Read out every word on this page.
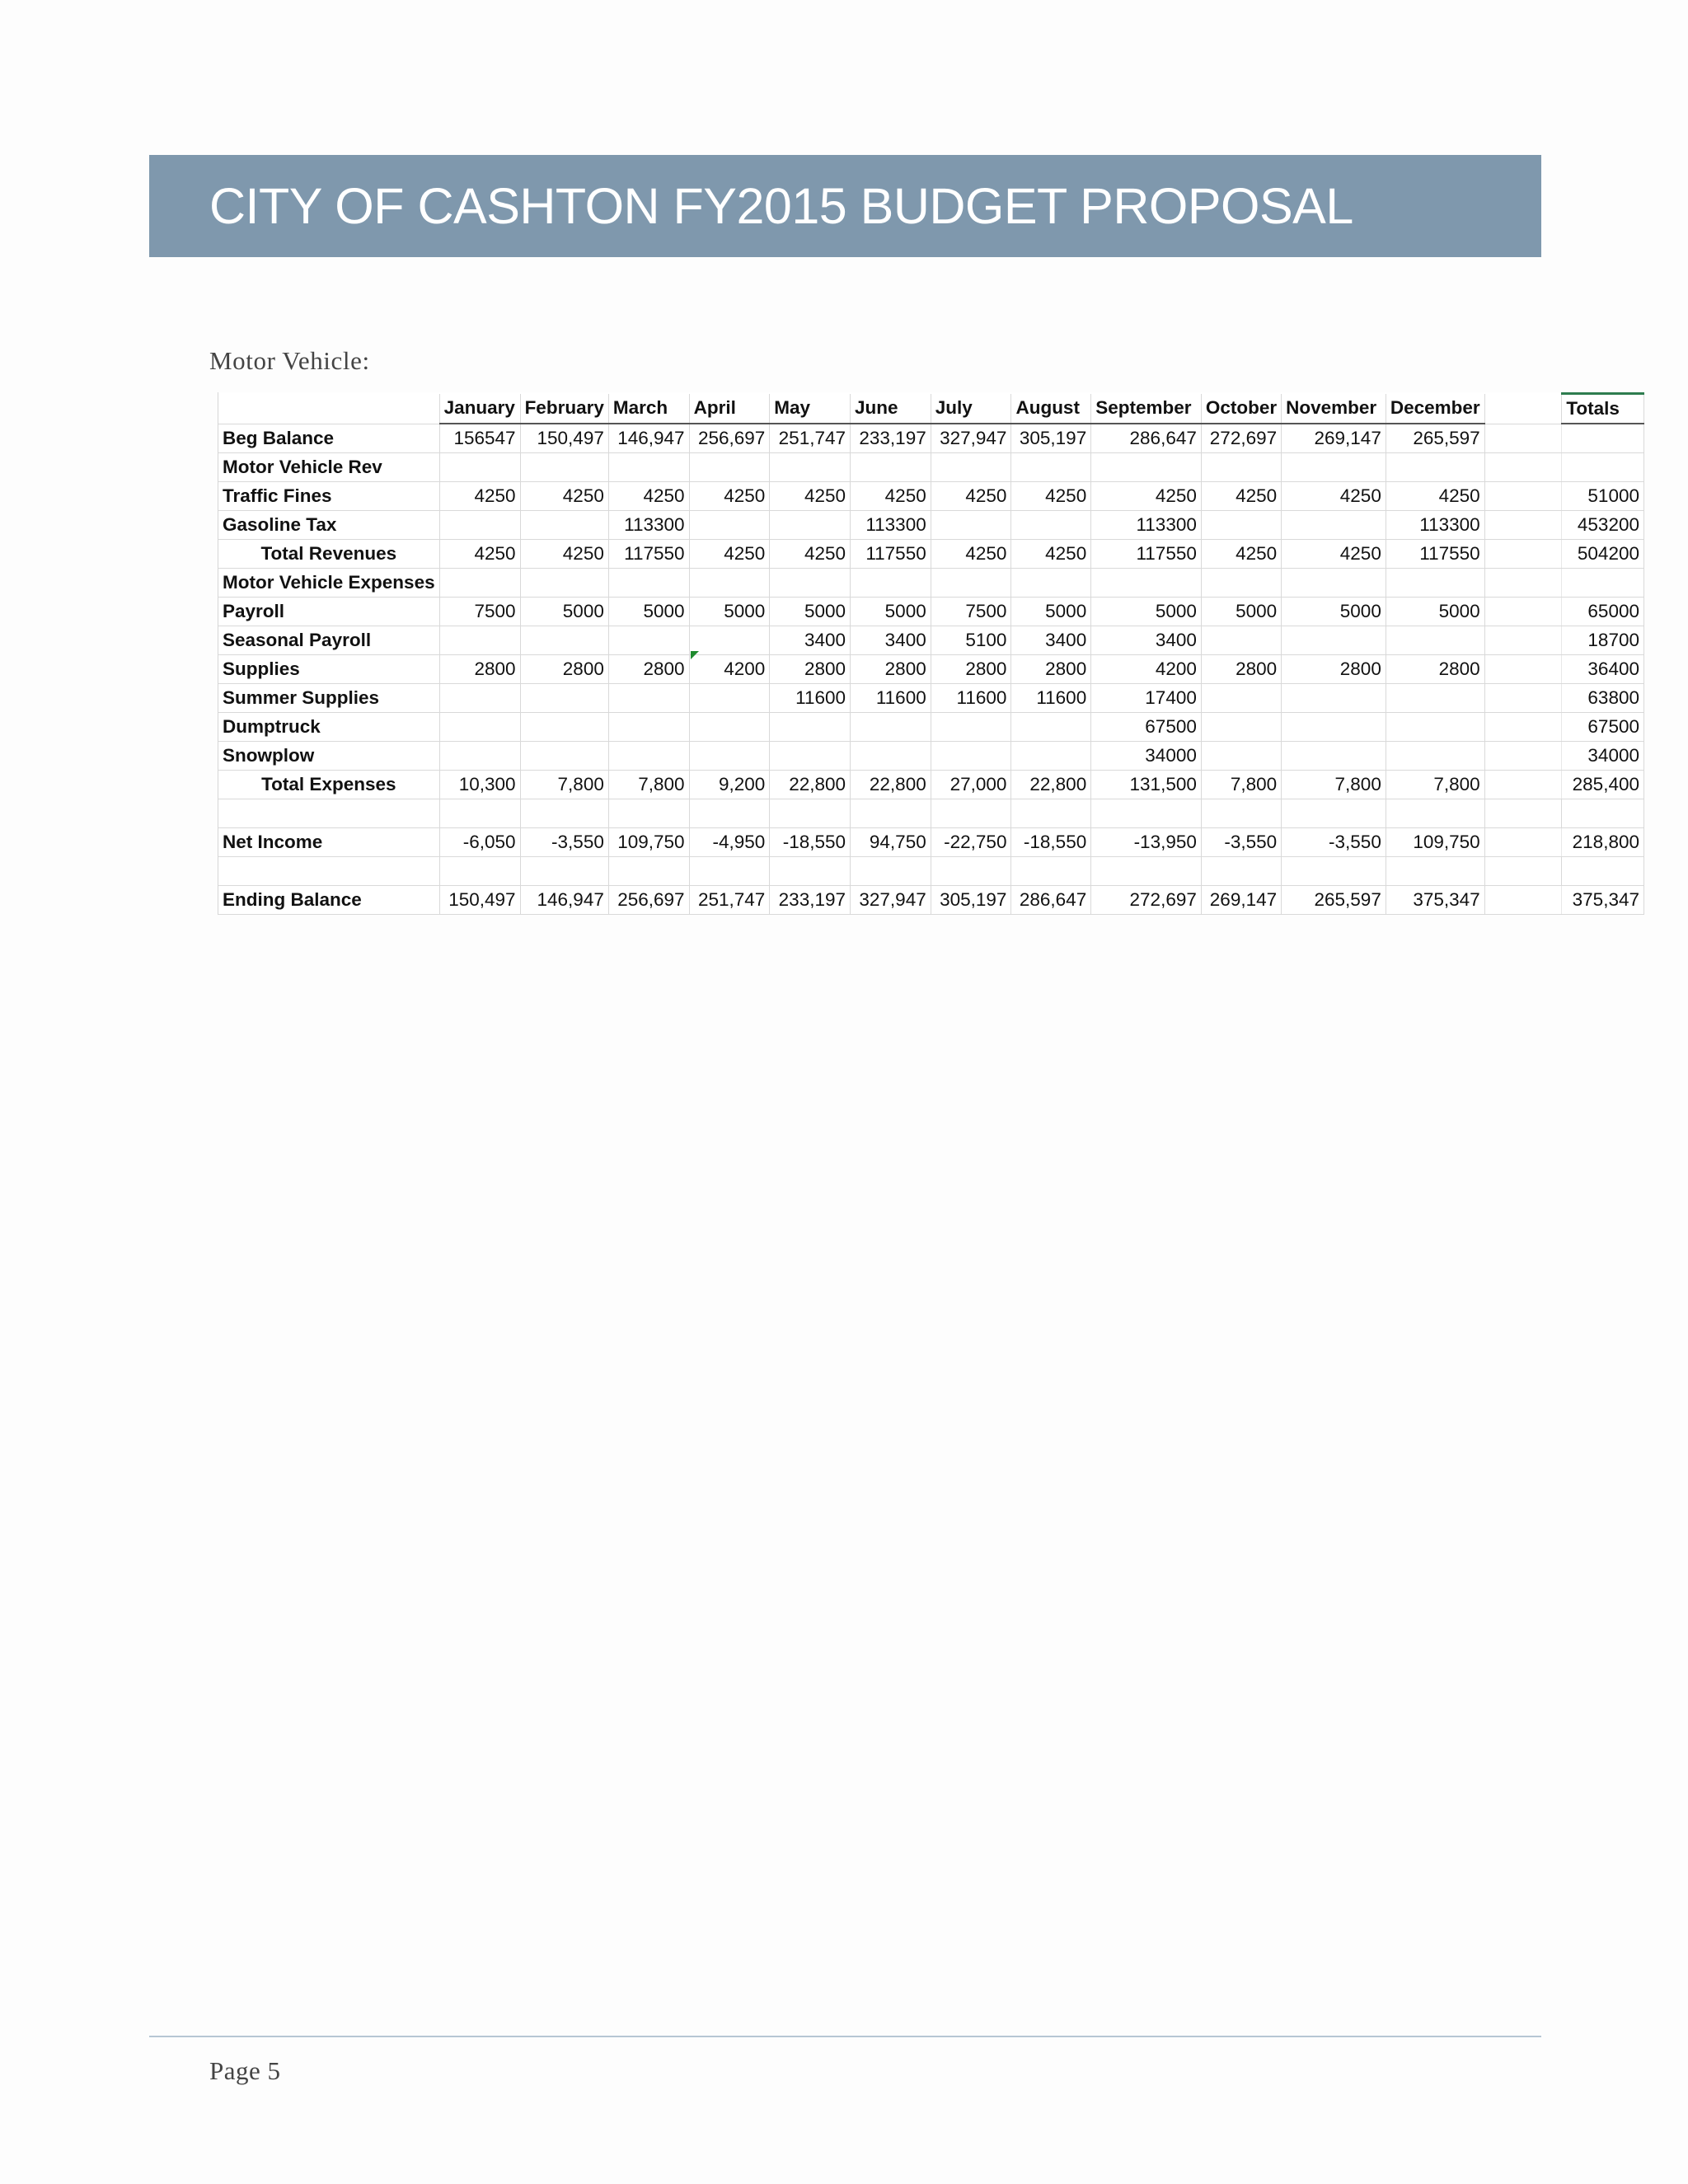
CITY OF CASHTON FY2015 BUDGET PROPOSAL
Motor Vehicle:
	January	February	March	April	May	June	July	August	September	October	November	December		Totals
Beg Balance	156547	150,497	146,947	256,697	251,747	233,197	327,947	305,197	286,647	272,697	269,147	265,597		
Motor Vehicle Rev														
Traffic Fines	4250	4250	4250	4250	4250	4250	4250	4250	4250	4250	4250	4250		51000
Gasoline Tax			113300			113300			113300			113300		453200
Total Revenues	4250	4250	117550	4250	4250	117550	4250	4250	117550	4250	4250	117550		504200
Motor Vehicle Expenses														
Payroll	7500	5000	5000	5000	5000	5000	7500	5000	5000	5000	5000	5000		65000
Seasonal Payroll					3400	3400	5100	3400	3400					18700
Supplies	2800	2800	2800	4200	2800	2800	2800	2800	4200	2800	2800	2800		36400
Summer Supplies					11600	11600	11600	11600	17400					63800
Dumptruck									67500					67500
Snowplow									34000					34000
Total Expenses	10,300	7,800	7,800	9,200	22,800	22,800	27,000	22,800	131,500	7,800	7,800	7,800		285,400

Net Income	-6,050	-3,550	109,750	-4,950	-18,550	94,750	-22,750	-18,550	-13,950	-3,550	-3,550	109,750		218,800

Ending Balance	150,497	146,947	256,697	251,747	233,197	327,947	305,197	286,647	272,697	269,147	265,597	375,347		375,347
Page 5
